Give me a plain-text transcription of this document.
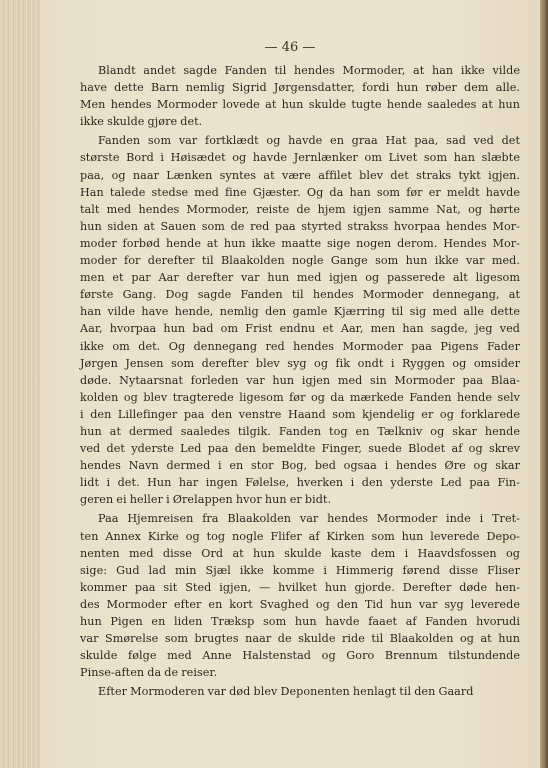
— 46 —
Blandt andet sagde Fanden til hendes Mormoder, at han ikke vilde
have dette Barn nemlig Sigrid Jørgensdatter, fordi hun røber dem alle.
Men hendes Mormoder lovede at hun skulde tugte hende saaledes at hun
ikke skulde gjøre det.
Fanden som var fortklædt og havde en graa Hat paa, sad ved det
største Bord i Høisædet og havde Jernlænker om Livet som han slæbte
paa, og naar Lænken syntes at være affilet blev det straks tykt igjen.
Han talede stedse med fine Gjæster. Og da han som før er meldt havde
talt med hendes Mormoder, reiste de hjem igjen samme Nat, og hørte
hun siden at Sauen som de red paa styrted strakss hvorpaa hendes Mor-
moder forbød hende at hun ikke maatte sige nogen derom. Hendes Mor-
moder for derefter til Blaakolden nogle Gange som hun ikke var med.
men et par Aar derefter var hun med igjen og passerede alt ligesom
første Gang. Dog sagde Fanden til hendes Mormoder dennegang, at
han vilde have hende, nemlig den gamle Kjærring til sig med alle dette
Aar, hvorpaa hun bad om Frist endnu et Aar, men han sagde, jeg ved
ikke om det. Og dennegang red hendes Mormoder paa Pigens Fader
Jørgen Jensen som derefter blev syg og fik ondt i Ryggen og omsider
døde. Nytaarsnat forleden var hun igjen med sin Mormoder paa Blaa-
kolden og blev tragterede ligesom før og da mærkede Fanden hende selv
i den Lillefinger paa den venstre Haand som kjendelig er og forklarede
hun at dermed saaledes tilgik. Fanden tog en Tælkniv og skar hende
ved det yderste Led paa den bemeldte Finger, suede Blodet af og skrev
hendes Navn dermed i en stor Bog, bed ogsaa i hendes Øre og skar
lidt i det. Hun har ingen Følelse, hverken i den yderste Led paa Fin-
geren ei heller i Ørelappen hvor hun er bidt.
Paa Hjemreisen fra Blaakolden var hendes Mormoder inde i Tret-
ten Annex Kirke og tog nogle Flifer af Kirken som hun leverede Depo-
nenten med disse Ord at hun skulde kaste dem i Haavdsfossen og
sige: Gud lad min Sjæl ikke komme i Himmerig førend disse Fliser
kommer paa sit Sted igjen, — hvilket hun gjorde. Derefter døde hen-
des Mormoder efter en kort Svaghed og den Tid hun var syg leverede
hun Pigen en liden Træksp som hun havde faaet af Fanden hvorudi
var Smørelse som brugtes naar de skulde ride til Blaakolden og at hun
skulde følge med Anne Halstenstad og Goro Brennum tilstundende
Pinse-aften da de reiser.
Efter Mormoderen var død blev Deponenten henlagt til den Gaard
